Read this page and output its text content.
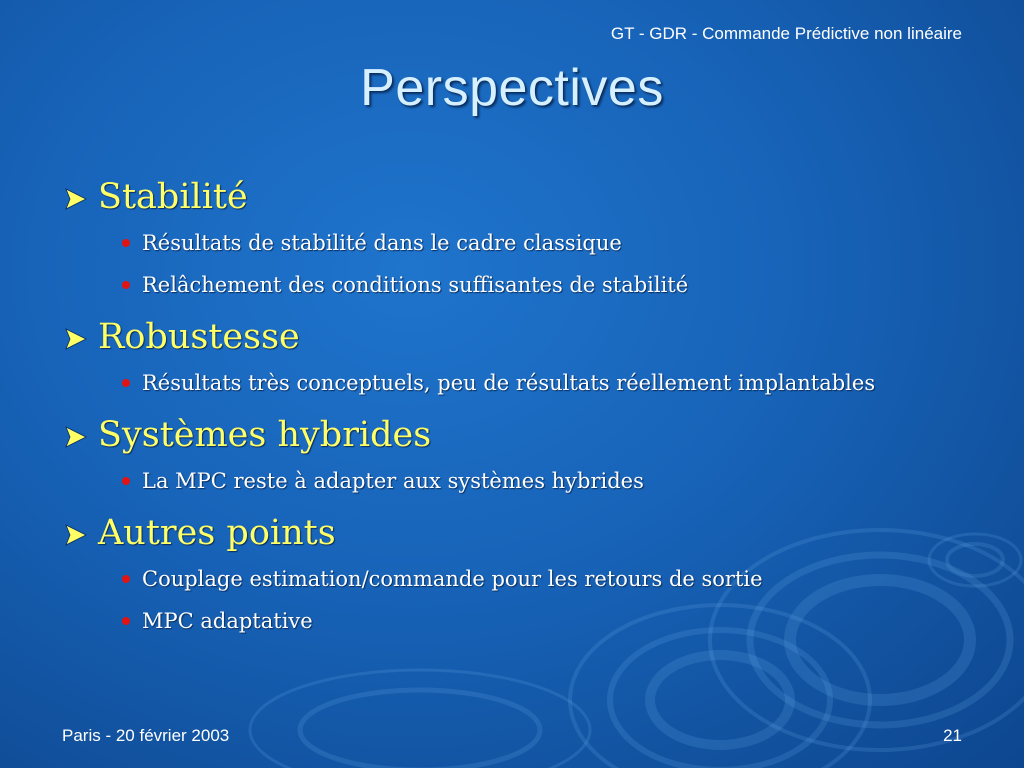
GT - GDR - Commande Prédictive non linéaire
Perspectives
Stabilité
Résultats de stabilité dans le cadre classique
Relâchement des conditions suffisantes de stabilité
Robustesse
Résultats très conceptuels, peu de résultats réellement implantables
Systèmes hybrides
La MPC reste à adapter aux systèmes hybrides
Autres points
Couplage estimation/commande pour les retours de sortie
MPC adaptative
Paris - 20 février 2003	21
